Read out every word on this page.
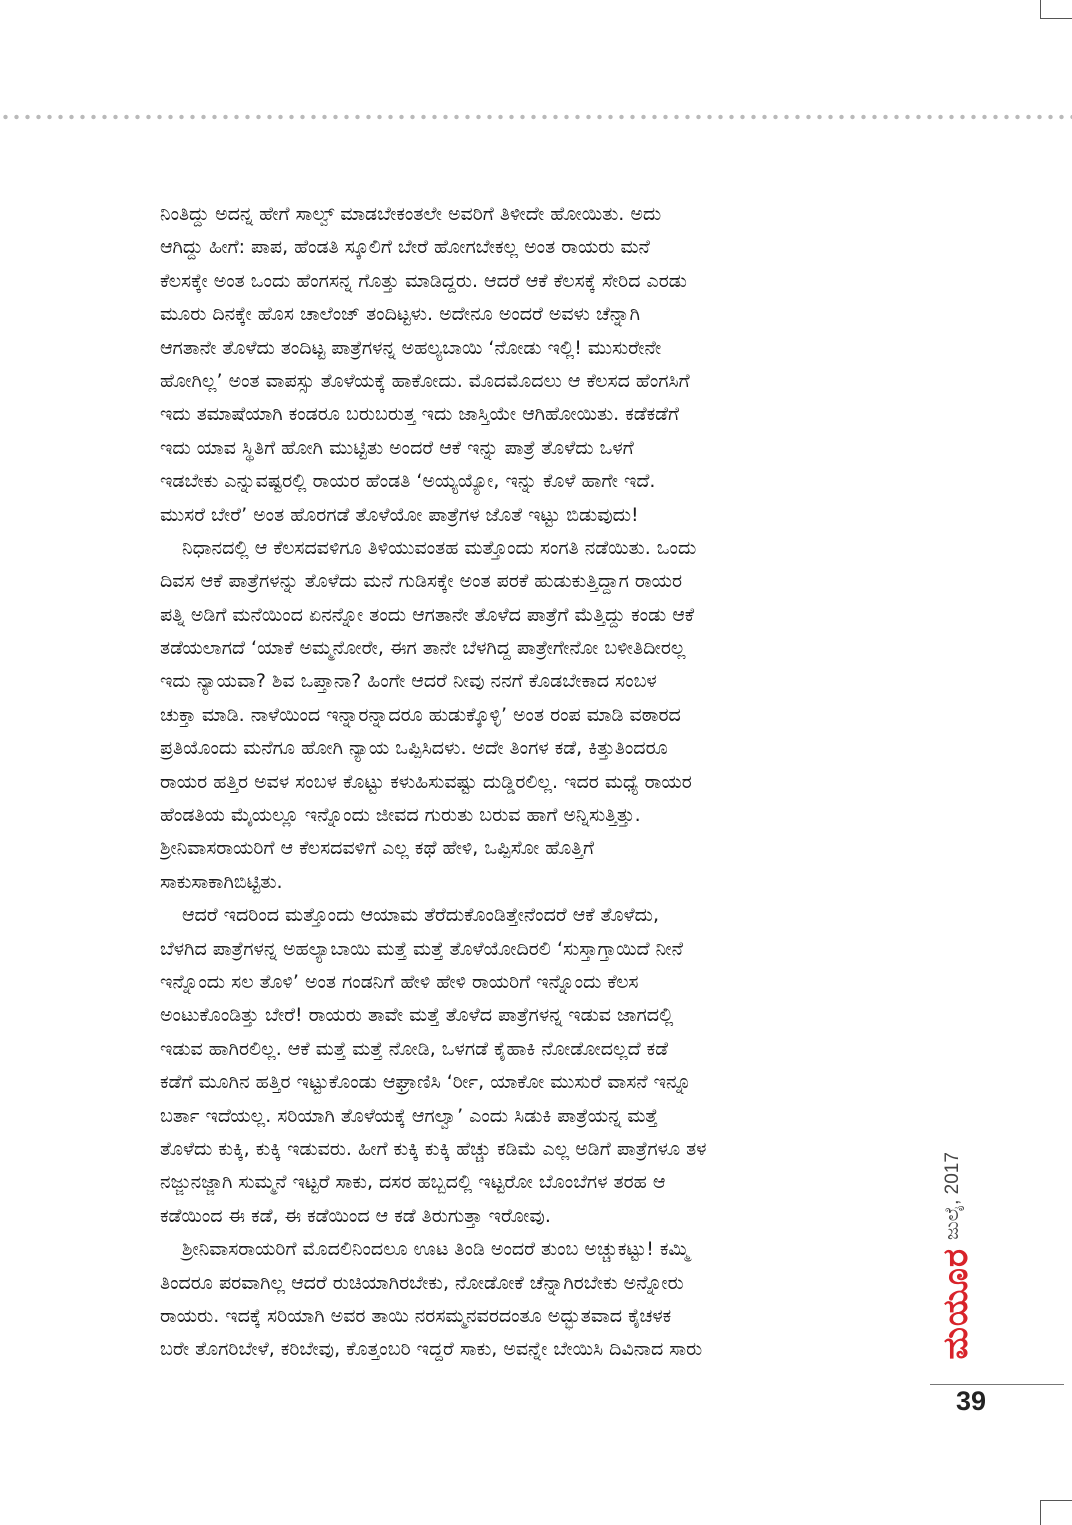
ನಿಂತಿದ್ದು ಅದನ್ನ ಹೇಗೆ ಸಾಲ್ವ್ ಮಾಡಬೇಕಂತಲೇ ಅವರಿಗೆ ತಿಳೀದೇ ಹೋಯಿತು. ಅದು
ಆಗಿದ್ದು ಹೀಗೆ: ಪಾಪ, ಹೆಂಡತಿ ಸ್ಕೂಲಿಗೆ ಬೇರೆ ಹೋಗಬೇಕಲ್ಲ ಅಂತ ರಾಯರು ಮನೆ
ಕೆಲಸಕ್ಕೇ ಅಂತ ಒಂದು ಹೆಂಗಸನ್ನ ಗೊತ್ತು ಮಾಡಿದ್ದರು. ಆದರೆ ಆಕೆ ಕೆಲಸಕ್ಕೆ ಸೇರಿದ ಎರಡು
ಮೂರು ದಿನಕ್ಕೇ ಹೊಸ ಚಾಲೆಂಜ್ ತಂದಿಟ್ಟಳು. ಅದೇನೂ ಅಂದರೆ ಅವಳು ಚೆನ್ನಾಗಿ
ಆಗತಾನೇ ತೊಳೆದು ತಂದಿಟ್ಟ ಪಾತ್ರೆಗಳನ್ನ ಅಹಲ್ಯಬಾಯಿ ‘ನೋಡು ಇಲ್ಲಿ! ಮುಸುರೇನೇ
ಹೋಗಿಲ್ಲ’ ಅಂತ ವಾಪಸ್ಸು ತೊಳೆಯಕ್ಕೆ ಹಾಕೋದು. ಮೊದಮೊದಲು ಆ ಕೆಲಸದ ಹೆಂಗಸಿಗೆ
ಇದು ತಮಾಷೆಯಾಗಿ ಕಂಡರೂ ಬರುಬರುತ್ತ ಇದು ಜಾಸ್ತಿಯೇ ಆಗಿಹೋಯಿತು. ಕಡೆಕಡೆಗೆ
ಇದು ಯಾವ ಸ್ಥಿತಿಗೆ ಹೋಗಿ ಮುಟ್ಟಿತು ಅಂದರೆ ಆಕೆ ಇನ್ನು ಪಾತ್ರೆ ತೊಳೆದು ಒಳಗೆ
ಇಡಬೇಕು ಎನ್ನುವಷ್ಟರಲ್ಲಿ ರಾಯರ ಹೆಂಡತಿ ‘ಅಯ್ಯಯ್ಯೋ, ಇನ್ನು ಕೊಳೆ ಹಾಗೇ ಇದೆ.
ಮುಸರೆ ಬೇರೆ’ ಅಂತ ಹೊರಗಡೆ ತೊಳೆಯೋ ಪಾತ್ರೆಗಳ ಜೊತೆ ಇಟ್ಟು ಬಿಡುವುದು!
ನಿಧಾನದಲ್ಲಿ ಆ ಕೆಲಸದವಳಿಗೂ ತಿಳಿಯುವಂತಹ ಮತ್ತೊಂದು ಸಂಗತಿ ನಡೆಯಿತು. ಒಂದು
ದಿವಸ ಆಕೆ ಪಾತ್ರೆಗಳನ್ನು ತೊಳೆದು ಮನೆ ಗುಡಿಸಕ್ಕೇ ಅಂತ ಪರಕೆ ಹುಡುಕುತ್ತಿದ್ದಾಗ ರಾಯರ
ಪತ್ನಿ ಅಡಿಗೆ ಮನೆಯಿಂದ ಏನನ್ನೋ ತಂದು ಆಗತಾನೇ ತೊಳೆದ ಪಾತ್ರೆಗೆ ಮೆತ್ತಿದ್ದು ಕಂಡು ಆಕೆ
ತಡೆಯಲಾಗದೆ ‘ಯಾಕೆ ಅಮ್ಮನೋರೇ, ಈಗ ತಾನೇ ಬೆಳಗಿದ್ದ ಪಾತ್ರೇಗೇನೋ ಬಳೀತಿದೀರಲ್ಲ
ಇದು ನ್ಯಾಯವಾ? ಶಿವ ಒಪ್ತಾನಾ? ಹಿಂಗೇ ಆದರೆ ನೀವು ನನಗೆ ಕೊಡಬೇಕಾದ ಸಂಬಳ
ಚುಕ್ತಾ ಮಾಡಿ. ನಾಳೆಯಿಂದ ಇನ್ನಾರನ್ನಾದರೂ ಹುಡುಕ್ಕೊಳ್ಳಿ’ ಅಂತ ರಂಪ ಮಾಡಿ ವಠಾರದ
ಪ್ರತಿಯೊಂದು ಮನೆಗೂ ಹೋಗಿ ನ್ಯಾಯ ಒಪ್ಪಿಸಿದಳು. ಅದೇ ತಿಂಗಳ ಕಡೆ, ಕಿತ್ತುತಿಂದರೂ
ರಾಯರ ಹತ್ತಿರ ಅವಳ ಸಂಬಳ ಕೊಟ್ಟು ಕಳುಹಿಸುವಷ್ಟು ದುಡ್ಡಿರಲಿಲ್ಲ. ಇದರ ಮಧ್ಯೆ ರಾಯರ
ಹೆಂಡತಿಯ ಮೈಯಲ್ಲೂ ಇನ್ನೊಂದು ಜೀವದ ಗುರುತು ಬರುವ ಹಾಗೆ ಅನ್ನಿಸುತ್ತಿತ್ತು.
ಶ್ರೀನಿವಾಸರಾಯರಿಗೆ ಆ ಕೆಲಸದವಳಿಗೆ ಎಲ್ಲ ಕಥೆ ಹೇಳಿ, ಒಪ್ಪಿಸೋ ಹೊತ್ತಿಗೆ
ಸಾಕುಸಾಕಾಗಿಬಿಟ್ಟಿತು.
ಆದರೆ ಇದರಿಂದ ಮತ್ತೊಂದು ಆಯಾಮ ತೆರೆದುಕೊಂಡಿತ್ತೇನೆಂದರೆ ಆಕೆ ತೊಳೆದು,
ಬೆಳಗಿದ ಪಾತ್ರೆಗಳನ್ನ ಅಹಲ್ಯಾಬಾಯಿ ಮತ್ತೆ ಮತ್ತೆ ತೊಳೆಯೋದಿರಲಿ ‘ಸುಸ್ತಾಗ್ತಾಯಿದೆ ನೀನೆ
ಇನ್ನೊಂದು ಸಲ ತೊಳಿ’ ಅಂತ ಗಂಡನಿಗೆ ಹೇಳಿ ಹೇಳಿ ರಾಯರಿಗೆ ಇನ್ನೊಂದು ಕೆಲಸ
ಅಂಟುಕೊಂಡಿತ್ತು ಬೇರೆ! ರಾಯರು ತಾವೇ ಮತ್ತೆ ತೊಳೆದ ಪಾತ್ರೆಗಳನ್ನ ಇಡುವ ಜಾಗದಲ್ಲಿ
ಇಡುವ ಹಾಗಿರಲಿಲ್ಲ. ಆಕೆ ಮತ್ತೆ ಮತ್ತೆ ನೋಡಿ, ಒಳಗಡೆ ಕೈಹಾಕಿ ನೋಡೋದಲ್ಲದೆ ಕಡೆ
ಕಡೆಗೆ ಮೂಗಿನ ಹತ್ತಿರ ಇಟ್ಟುಕೊಂಡು ಆಘ್ರಾಣಿಸಿ ‘ರ್ರೀ, ಯಾಕೋ ಮುಸುರೆ ವಾಸನೆ ಇನ್ನೂ
ಬರ್ತಾ ಇದೆಯಲ್ಲ. ಸರಿಯಾಗಿ ತೊಳೆಯಕ್ಕೆ ಆಗಲ್ವಾ’ ಎಂದು ಸಿಡುಕಿ ಪಾತ್ರೆಯನ್ನ ಮತ್ತೆ
ತೊಳೆದು ಕುಕ್ಕಿ, ಕುಕ್ಕಿ ಇಡುವರು. ಹೀಗೆ ಕುಕ್ಕಿ ಕುಕ್ಕಿ ಹೆಚ್ಚು ಕಡಿಮೆ ಎಲ್ಲ ಅಡಿಗೆ ಪಾತ್ರೆಗಳೂ ತಳ
ನಜ್ಜುನಜ್ಜಾಗಿ ಸುಮ್ಮನೆ ಇಟ್ಟರೆ ಸಾಕು, ದಸರ ಹಬ್ಬದಲ್ಲಿ ಇಟ್ಟರೋ ಬೊಂಬೆಗಳ ತರಹ ಆ
ಕಡೆಯಿಂದ ಈ ಕಡೆ, ಈ ಕಡೆಯಿಂದ ಆ ಕಡೆ ತಿರುಗುತ್ತಾ ಇರೋವು.
ಶ್ರೀನಿವಾಸರಾಯರಿಗೆ ಮೊದಲಿನಿಂದಲೂ ಊಟ ತಿಂಡಿ ಅಂದರೆ ತುಂಬ ಅಚ್ಚುಕಟ್ಟು! ಕಮ್ಮಿ
ತಿಂದರೂ ಪರವಾಗಿಲ್ಲ ಆದರೆ ರುಚಿಯಾಗಿರಬೇಕು, ನೋಡೋಕೆ ಚೆನ್ನಾಗಿರಬೇಕು ಅನ್ನೋರು
ರಾಯರು. ಇದಕ್ಕೆ ಸರಿಯಾಗಿ ಅವರ ತಾಯಿ ನರಸಮ್ಮನವರದಂತೂ ಅದ್ಭುತವಾದ ಕೈಚಳಕ
ಬರೇ ತೊಗರಿಬೇಳೆ, ಕರಿಬೇವು, ಕೊತ್ತಂಬರಿ ಇದ್ದರೆ ಸಾಕು, ಅವನ್ನೇ ಬೇಯಿಸಿ ದಿವಿನಾದ ಸಾರು
ಜುಲೈ, 2017
ಮಯೂರ
39
